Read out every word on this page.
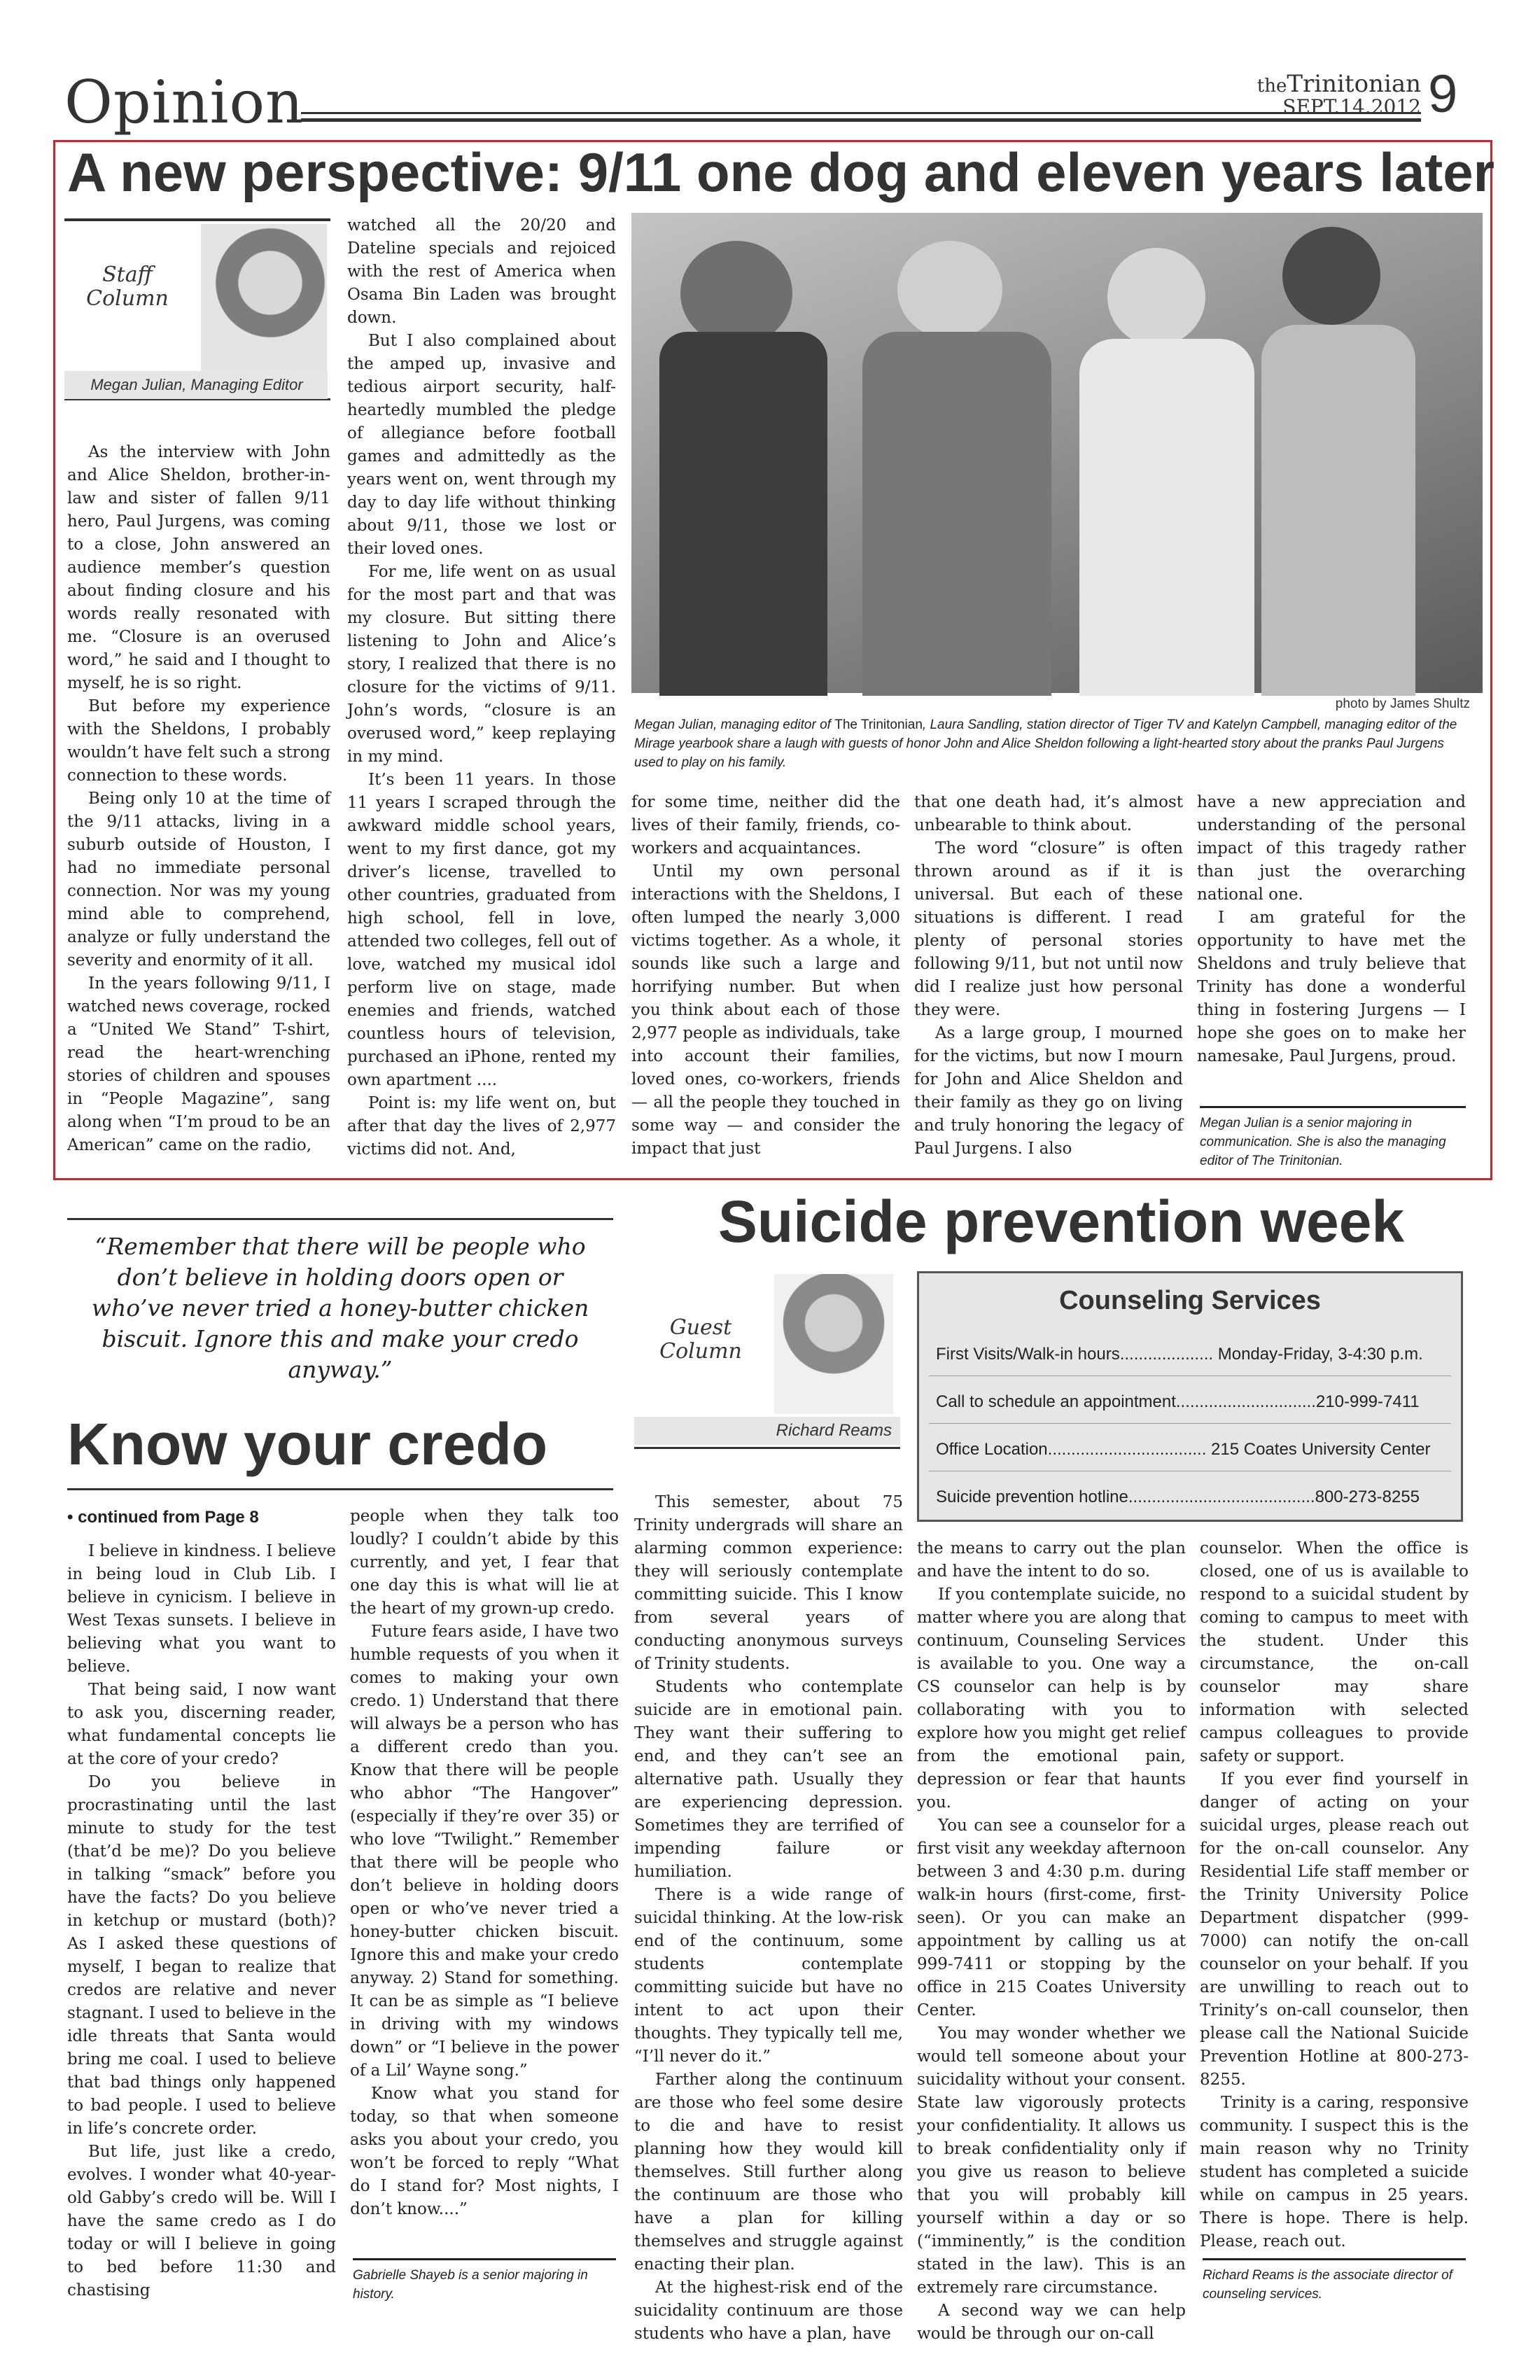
Opinion	theTrinitonian
SEPT.14.2012 9
A new perspective: 9/11 one dog and eleven years later
Staff
Column
Megan Julian, Managing Editor

As the interview with John and Alice Sheldon, brother-in-law and sister of fallen 9/11 hero, Paul Jurgens, was coming to a close, John answered an audience member’s question about finding closure and his words really resonated with me. “Closure is an overused word,” he said and I thought to myself, he is so right.

But before my experience with the Sheldons, I probably wouldn’t have felt such a strong connection to these words.

Being only 10 at the time of the 9/11 attacks, living in a suburb outside of Houston, I had no immediate personal connection. Nor was my young mind able to comprehend, analyze or fully understand the severity and enormity of it all.

In the years following 9/11, I watched news coverage, rocked a “United We Stand” T-shirt, read the heart-wrenching stories of children and spouses in “People Magazine”, sang along when “I’m proud to be an American” came on the radio,

watched all the 20/20 and Dateline specials and rejoiced with the rest of America when Osama Bin Laden was brought down.

But I also complained about the amped up, invasive and tedious airport security, half-heartedly mumbled the pledge of allegiance before football games and admittedly as the years went on, went through my day to day life without thinking about 9/11, those we lost or their loved ones.

For me, life went on as usual for the most part and that was my closure. But sitting there listening to John and Alice’s story, I realized that there is no closure for the victims of 9/11. John’s words, “closure is an overused word,” keep replaying in my mind.

It’s been 11 years. In those 11 years I scraped through the awkward middle school years, went to my first dance, got my driver’s license, travelled to other countries, graduated from high school, fell in love, attended two colleges, fell out of love, watched my musical idol perform live on stage, made enemies and friends, watched countless hours of television, purchased an iPhone, rented my own apartment ....

Point is: my life went on, but after that day the lives of 2,977 victims did not. And,

photo by James Shultz
Megan Julian, managing editor of The Trinitonian, Laura Sandling, station director of Tiger TV and Katelyn Campbell, managing editor of the Mirage yearbook share a laugh with guests of honor John and Alice Sheldon following a light-hearted story about the pranks Paul Jurgens used to play on his family.

for some time, neither did the lives of their family, friends, co-workers and acquaintances.

Until my own personal interactions with the Sheldons, I often lumped the nearly 3,000 victims together. As a whole, it sounds like such a large and horrifying number. But when you think about each of those 2,977 people as individuals, take into account their families, loved ones, co-workers, friends — all the people they touched in some way — and consider the impact that just

that one death had, it’s almost unbearable to think about.

The word “closure” is often thrown around as if it is universal. But each of these situations is different. I read plenty of personal stories following 9/11, but not until now did I realize just how personal they were.

As a large group, I mourned for the victims, but now I mourn for John and Alice Sheldon and their family as they go on living and truly honoring the legacy of Paul Jurgens. I also

have a new appreciation and understanding of the personal impact of this tragedy rather than just the overarching national one.

I am grateful for the opportunity to have met the Sheldons and truly believe that Trinity has done a wonderful thing in fostering Jurgens — I hope she goes on to make her namesake, Paul Jurgens, proud.

Megan Julian is a senior majoring in communication. She is also the managing editor of The Trinitonian.
“Remember that there will be people who don’t believe in holding doors open or who’ve never tried a honey-butter chicken biscuit. Ignore this and make your credo anyway.”
Know your credo
• continued from Page 8

I believe in kindness. I believe in being loud in Club Lib. I believe in cynicism. I believe in West Texas sunsets. I believe in believing what you want to believe.

That being said, I now want to ask you, discerning reader, what fundamental concepts lie at the core of your credo?

Do you believe in procrastinating until the last minute to study for the test (that’d be me)? Do you believe in talking “smack” before you have the facts? Do you believe in ketchup or mustard (both)? As I asked these questions of myself, I began to realize that credos are relative and never stagnant. I used to believe in the idle threats that Santa would bring me coal. I used to believe that bad things only happened to bad people. I used to believe in life’s concrete order.

But life, just like a credo, evolves. I wonder what 40-year-old Gabby’s credo will be. Will I have the same credo as I do today or will I believe in going to bed before 11:30 and chastising

people when they talk too loudly? I couldn’t abide by this currently, and yet, I fear that one day this is what will lie at the heart of my grown-up credo.

Future fears aside, I have two humble requests of you when it comes to making your own credo. 1) Understand that there will always be a person who has a different credo than you. Know that there will be people who abhor “The Hangover” (especially if they’re over 35) or who love “Twilight.” Remember that there will be people who don’t believe in holding doors open or who’ve never tried a honey-butter chicken biscuit. Ignore this and make your credo anyway. 2) Stand for something. It can be as simple as “I believe in driving with my windows down” or “I believe in the power of a Lil’ Wayne song.”

Know what you stand for today, so that when someone asks you about your credo, you won’t be forced to reply “What do I stand for? Most nights, I don’t know....”

Gabrielle Shayeb is a senior majoring in history.
Suicide prevention week
Guest
Column
Richard Reams
Counseling Services
First Visits/Walk-in hours.................... Monday-Friday, 3-4:30 p.m.
Call to schedule an appointment..............................210-999-7411
Office Location.................................. 215 Coates University Center
Suicide prevention hotline........................................800-273-8255

This semester, about 75 Trinity undergrads will share an alarming common experience: they will seriously contemplate committing suicide. This I know from several years of conducting anonymous surveys of Trinity students.

Students who contemplate suicide are in emotional pain. They want their suffering to end, and they can’t see an alternative path. Usually they are experiencing depression. Sometimes they are terrified of impending failure or humiliation.

There is a wide range of suicidal thinking. At the low-risk end of the continuum, some students contemplate committing suicide but have no intent to act upon their thoughts. They typically tell me, “I’ll never do it.”

Farther along the continuum are those who feel some desire to die and have to resist planning how they would kill themselves. Still further along the continuum are those who have a plan for killing themselves and struggle against enacting their plan.

At the highest-risk end of the suicidality continuum are those students who have a plan, have

the means to carry out the plan and have the intent to do so.

If you contemplate suicide, no matter where you are along that continuum, Counseling Services is available to you. One way a CS counselor can help is by collaborating with you to explore how you might get relief from the emotional pain, depression or fear that haunts you.

You can see a counselor for a first visit any weekday afternoon between 3 and 4:30 p.m. during walk-in hours (first-come, first-seen). Or you can make an appointment by calling us at 999-7411 or stopping by the office in 215 Coates University Center.

You may wonder whether we would tell someone about your suicidality without your consent. State law vigorously protects your confidentiality. It allows us to break confidentiality only if you give us reason to believe that you will probably kill yourself within a day or so (“imminently,” is the condition stated in the law). This is an extremely rare circumstance.

A second way we can help would be through our on-call

counselor. When the office is closed, one of us is available to respond to a suicidal student by coming to campus to meet with the student. Under this circumstance, the on-call counselor may share information with selected campus colleagues to provide safety or support.

If you ever find yourself in danger of acting on your suicidal urges, please reach out for the on-call counselor. Any Residential Life staff member or the Trinity University Police Department dispatcher (999-7000) can notify the on-call counselor on your behalf. If you are unwilling to reach out to Trinity’s on-call counselor, then please call the National Suicide Prevention Hotline at 800-273-8255.

Trinity is a caring, responsive community. I suspect this is the main reason why no Trinity student has completed a suicide while on campus in 25 years. There is hope. There is help. Please, reach out.

Richard Reams is the associate director of counseling services.
